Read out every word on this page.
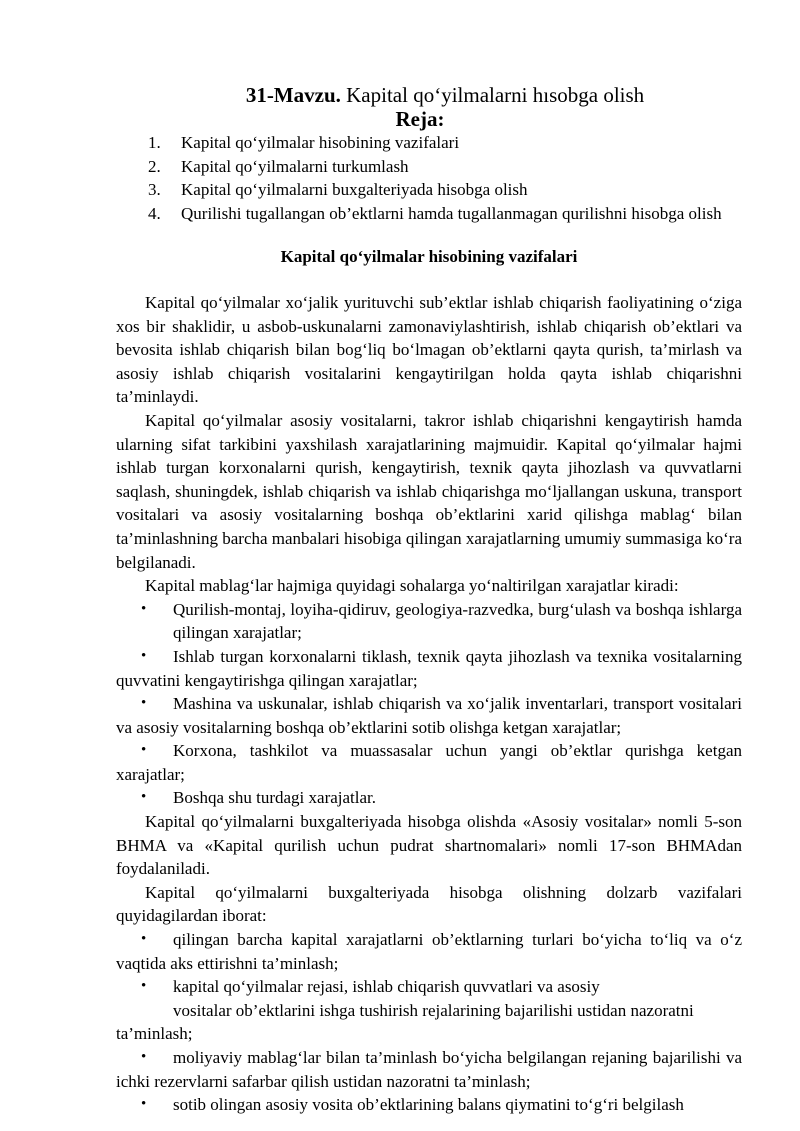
31-Mavzu. Kapital qo‘yilmalarni hısobga olish
Reja:
1.	Kapital qo‘yilmalar hisobining vazifalari
2.	Kapital qo‘yilmalarni turkumlash
3.	Kapital qo‘yilmalarni buxgalteriyada hisobga olish
4.	Qurilishi tugallangan ob’ektlarni hamda tugallanmagan qurilishni hisobga olish
Kapital qo‘yilmalar hisobining vazifalari

Kapital qo‘yilmalar xo‘jalik yurituvchi sub’ektlar ishlab chiqarish faoliyatining o‘ziga xos bir shaklidir, u asbob-uskunalarni zamonaviylashtirish, ishlab chiqarish ob’ektlari va bevosita ishlab chiqarish bilan bog‘liq bo‘lmagan ob’ektlarni qayta qurish, ta’mirlash va asosiy ishlab chiqarish vositalarini kengaytirilgan holda qayta ishlab chiqarishni ta’minlaydi.

Kapital qo‘yilmalar asosiy vositalarni, takror ishlab chiqarishni kengaytirish hamda ularning sifat tarkibini yaxshilash xarajatlarining majmuidir. Kapital qo‘yilmalar hajmi ishlab turgan korxonalarni qurish, kengaytirish, texnik qayta jihozlash va quvvatlarni saqlash, shuningdek, ishlab chiqarish va ishlab chiqarishga mo‘ljallangan uskuna, transport vositalari va asosiy vositalarning boshqa ob’ektlarini xarid qilishga mablag‘ bilan ta’minlashning barcha manbalari hisobiga qilingan xarajatlarning umumiy summasiga ko‘ra belgilanadi.

Kapital mablag‘lar hajmiga quyidagi sohalarga yo‘naltirilgan xarajatlar kiradi:

• Qurilish-montaj, loyiha-qidiruv, geologiya-razvedka, burg‘ulash va boshqa ishlarga qilingan xarajatlar;
• Ishlab turgan korxonalarni tiklash, texnik qayta jihozlash va texnika vositalarning quvvatini kengaytirishga qilingan xarajatlar;
• Mashina va uskunalar, ishlab chiqarish va xo‘jalik inventarlari, transport vositalari va asosiy vositalarning boshqa ob’ektlarini sotib olishga ketgan xarajatlar;
• Korxona, tashkilot va muassasalar uchun yangi ob’ektlar qurishga ketgan xarajatlar;
• Boshqa shu turdagi xarajatlar.

Kapital qo‘yilmalarni buxgalteriyada hisobga olishda «Asosiy vositalar» nomli 5-son BHMA va «Kapital qurilish uchun pudrat shartnomalari» nomli 17-son BHMAdan foydalaniladi.

Kapital qo‘yilmalarni buxgalteriyada hisobga olishning dolzarb vazifalari quyidagilardan iborat:

• qilingan barcha kapital xarajatlarni ob’ektlarning turlari bo‘yicha to‘liq va o‘z vaqtida aks ettirishni ta’minlash;
•	kapital qo‘yilmalar rejasi, ishlab chiqarish quvvatlari va asosiy
vositalar ob’ektlarini ishga tushirish rejalarining bajarilishi ustidan nazoratni
ta’minlash;
• moliyaviy mablag‘lar bilan ta’minlash bo‘yicha belgilangan rejaning bajarilishi va ichki rezervlarni safarbar qilish ustidan nazoratni ta’minlash;
• sotib olingan asosiy vosita ob’ektlarining balans qiymatini to‘g‘ri belgilash
